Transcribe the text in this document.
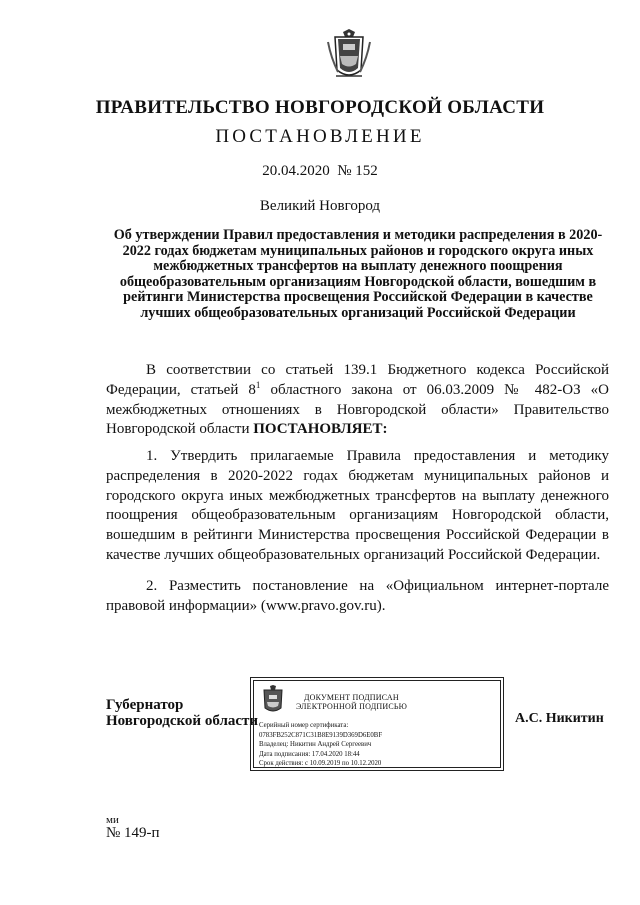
ПРАВИТЕЛЬСТВО НОВГОРОДСКОЙ ОБЛАСТИ
ПОСТАНОВЛЕНИЕ
20.04.2020  № 152
Великий Новгород
Об утверждении Правил предоставления и методики распределения в 2020-2022 годах бюджетам муниципальных районов и городского округа иных межбюджетных трансфертов на выплату денежного поощрения общеобразовательным организациям Новгородской области, вошедшим в рейтинги Министерства просвещения Российской Федерации в качестве лучших общеобразовательных организаций Российской Федерации
В соответствии со статьей 139.1 Бюджетного кодекса Российской Федерации, статьей $8^1$ областного закона от 06.03.2009 № 482-ОЗ «О межбюджетных отношениях в Новгородской области» Правительство Новгородской области ПОСТАНОВЛЯЕТ:
1. Утвердить прилагаемые Правила предоставления и методику распределения в 2020-2022 годах бюджетам муниципальных районов и городского округа иных межбюджетных трансфертов на выплату денежного поощрения общеобразовательным организациям Новгородской области, вошедшим в рейтинги Министерства просвещения Российской Федерации в качестве лучших общеобразовательных организаций Российской Федерации.
2. Разместить постановление на «Официальном интернет-портале правовой информации» (www.pravo.gov.ru).
Губернатор
Новгородской области
ДОКУМЕНТ ПОДПИСАН
ЭЛЕКТРОННОЙ ПОДПИСЬЮ
Серийный номер сертификата:
0783FB252C871C31B8E9139D369D6E0BF
Владелец: Никитин Андрей Сергеевич
Дата подписания: 17.04.2020 18:44
Срок действия: с 10.09.2019 по 10.12.2020
А.С. Никитин
ми
№ 149-п
